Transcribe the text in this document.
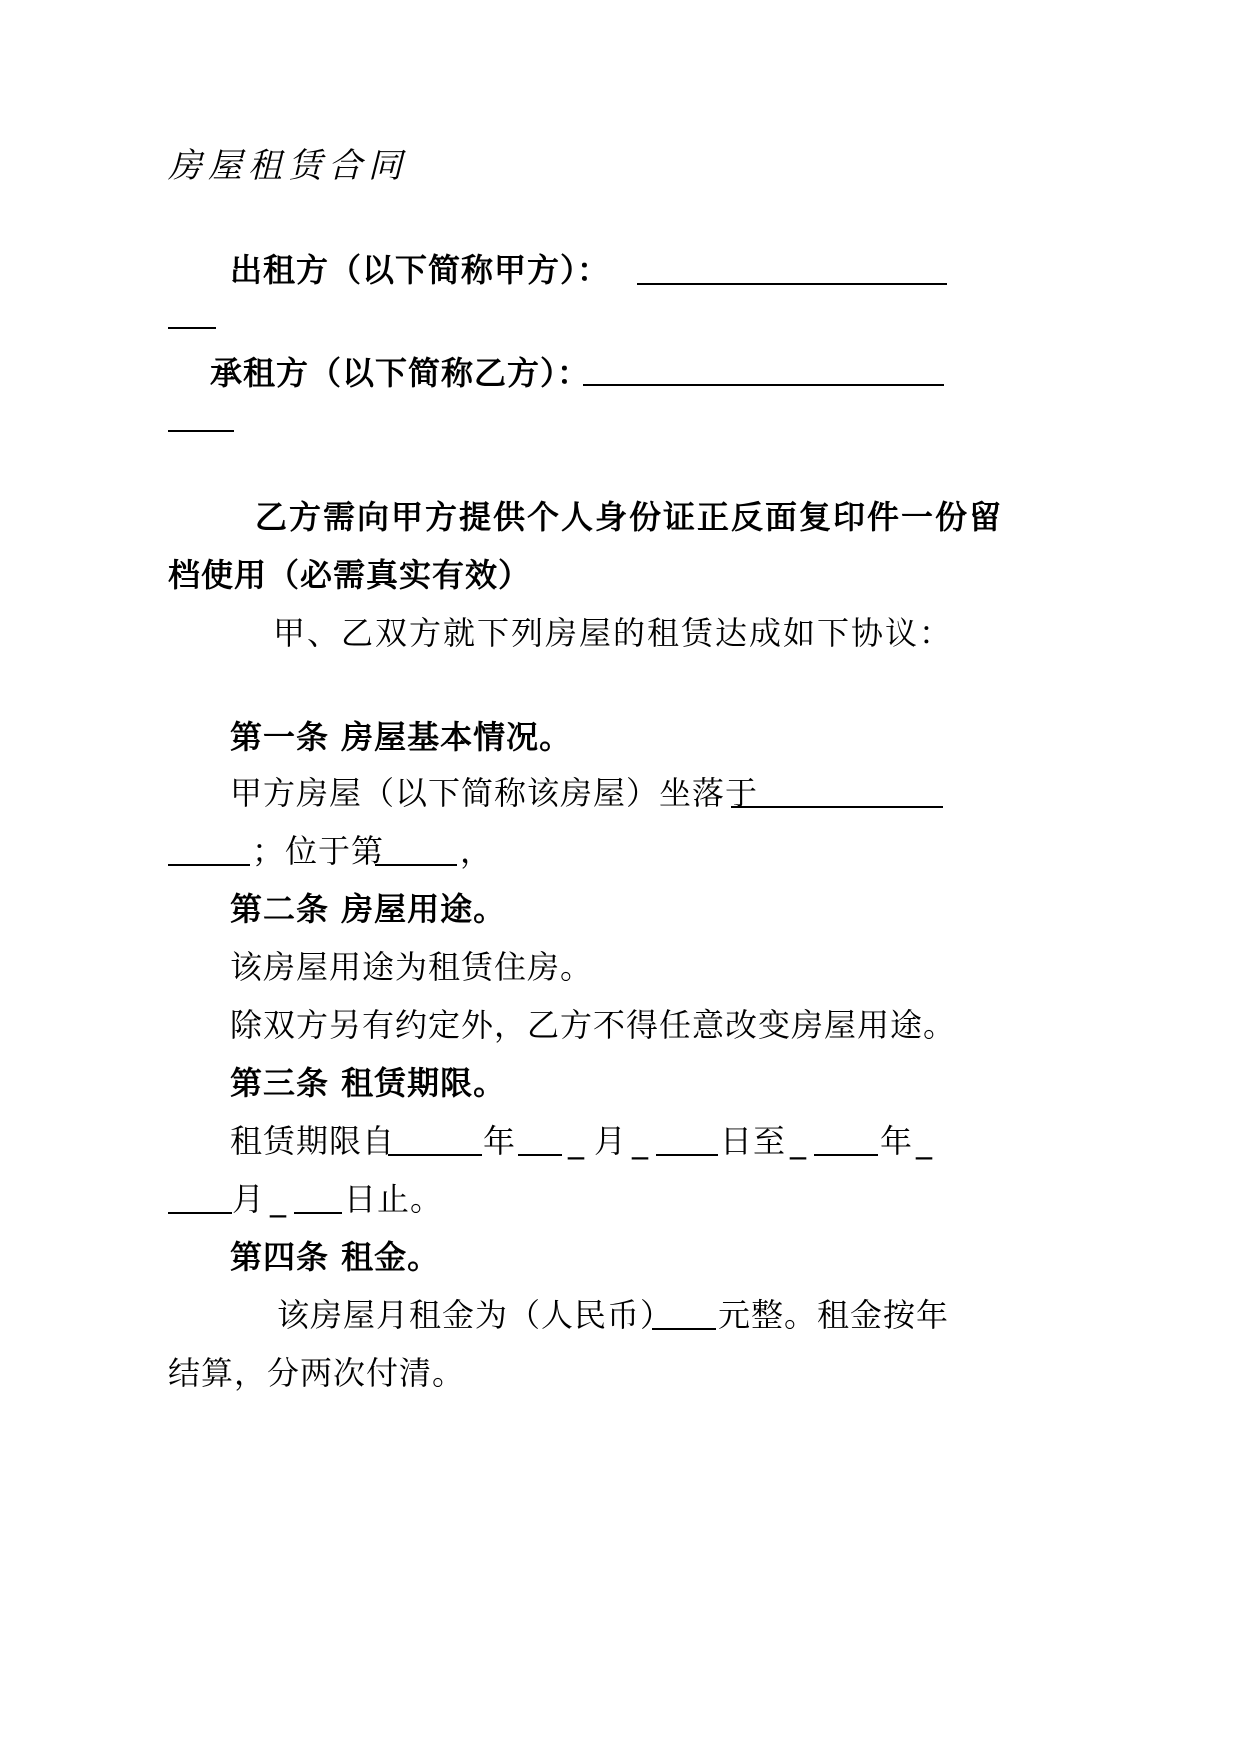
房屋租赁合同
出租方（以下简称甲方）：
承租方（以下简称乙方）：
乙方需向甲方提供个人身份证正反面复印件一份留
档使用（必需真实有效）
甲、乙双方就下列房屋的租赁达成如下协议：
第一条 房屋基本情况。
甲方房屋（以下简称该房屋）坐落于
；位于第 ，
第二条 房屋用途。
该房屋用途为租赁住房。
除双方另有约定外，乙方不得任意改变房屋用途。
第三条 租赁期限。
租赁期限自	年 _ 月 _ 日至 _ 年 _
月 _ 日止。
第四条 租金。
该房屋月租金为（人民币） 元整。租金按年
结算，分两次付清。
